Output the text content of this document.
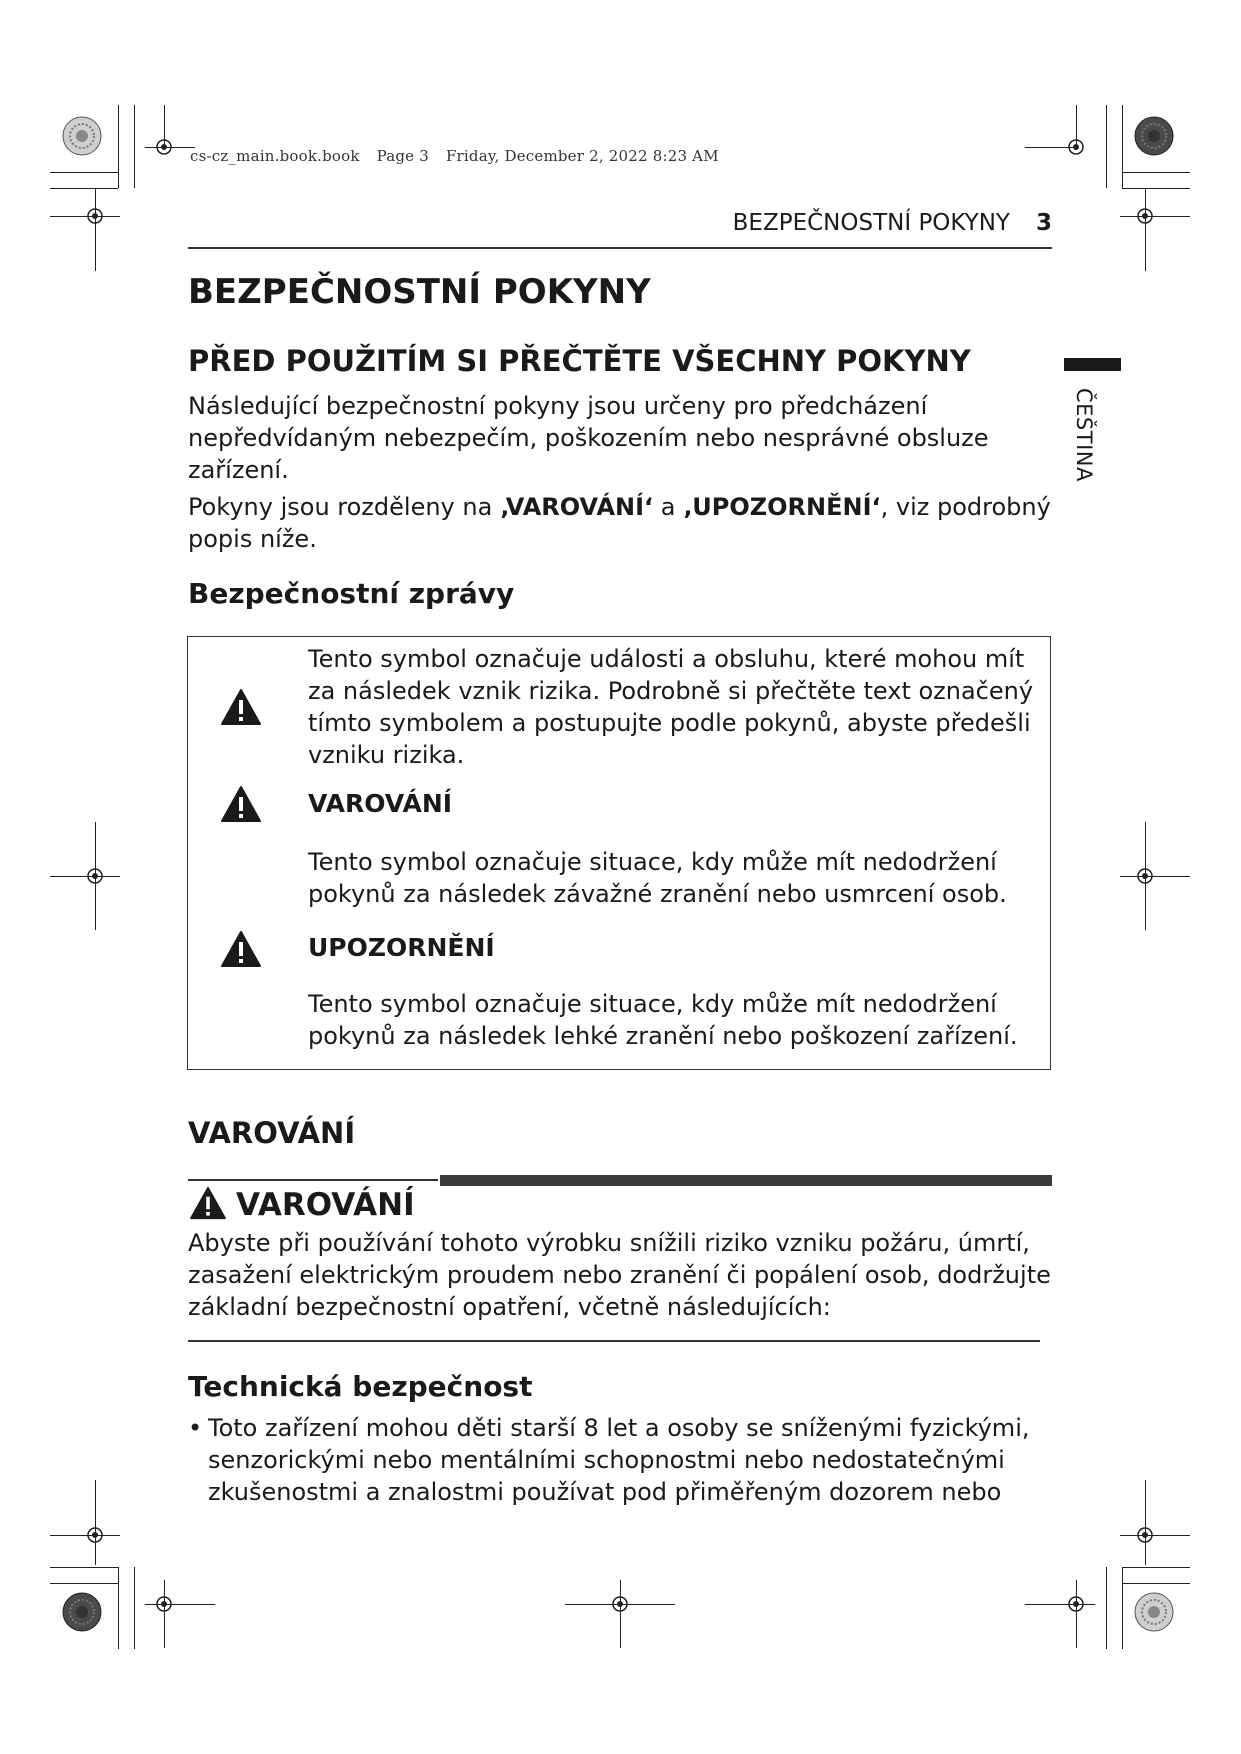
cs-cz_main.book.book Page 3 Friday, December 2, 2022 8:23 AM
BEZPEČNOSTNÍ POKYNY 3
ČEŠTINA
BEZPEČNOSTNÍ POKYNY
PŘED POUŽITÍM SI PŘEČTĚTE VŠECHNY POKYNY
Následující bezpečnostní pokyny jsou určeny pro předcházení nepředvídaným nebezpečím, poškozením nebo nesprávné obsluze zařízení.
Pokyny jsou rozděleny na ‚VAROVÁNÍ‘ a ‚UPOZORNĚNÍ‘, viz podrobný popis níže.
Bezpečnostní zprávy
Tento symbol označuje události a obsluhu, které mohou mít za následek vznik rizika. Podrobně si přečtěte text označený tímto symbolem a postupujte podle pokynů, abyste předešli vzniku rizika.
VAROVÁNÍ
Tento symbol označuje situace, kdy může mít nedodržení pokynů za následek závažné zranění nebo usmrcení osob.
UPOZORNĚNÍ
Tento symbol označuje situace, kdy může mít nedodržení pokynů za následek lehké zranění nebo poškození zařízení.
VAROVÁNÍ
VAROVÁNÍ
Abyste při používání tohoto výrobku snížili riziko vzniku požáru, úmrtí, zasažení elektrickým proudem nebo zranění či popálení osob, dodržujte základní bezpečnostní opatření, včetně následujících:
Technická bezpečnost
• Toto zařízení mohou děti starší 8 let a osoby se sníženými fyzickými, senzorickými nebo mentálními schopnostmi nebo nedostatečnými zkušenostmi a znalostmi používat pod přiměřeným dozorem nebo
